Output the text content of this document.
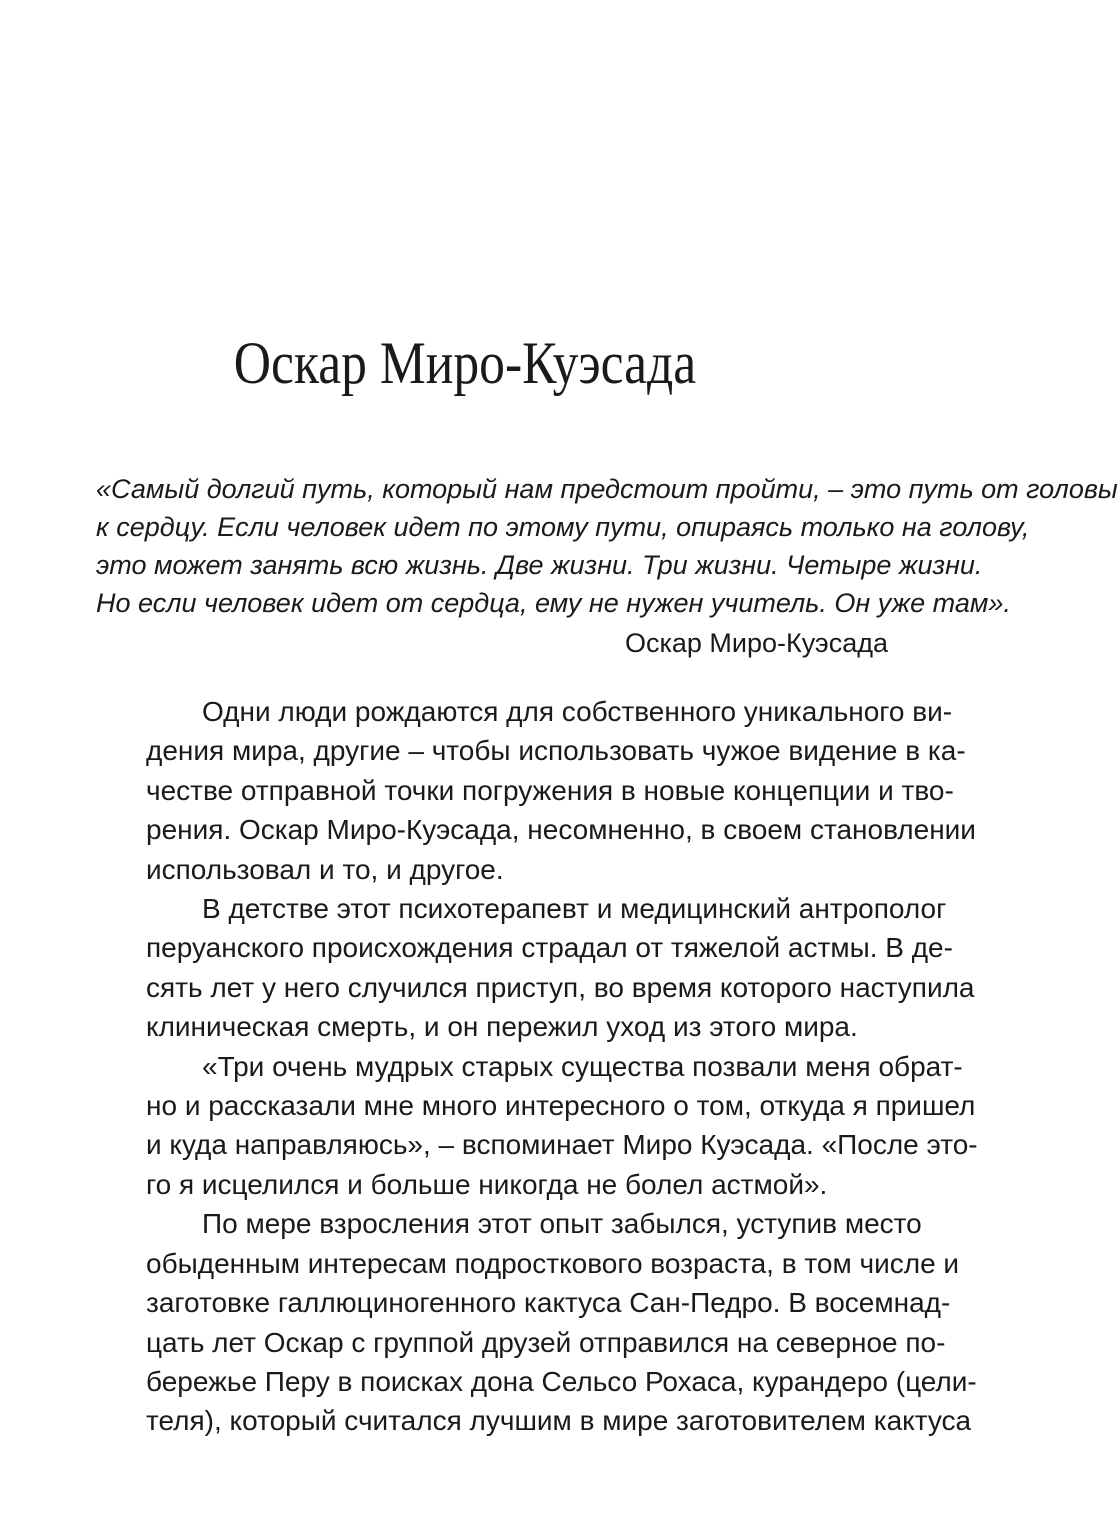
Оскар Миро-Куэсада
«Самый долгий путь, который нам предстоит пройти, – это путь от головы
к сердцу. Если человек идет по этому пути, опираясь только на голову,
это может занять всю жизнь. Две жизни. Три жизни. Четыре жизни.
Но если человек идет от сердца, ему не нужен учитель. Он уже там».
Оскар Миро-Куэсада
Одни люди рождаются для собственного уникального ви-
дения мира, другие – чтобы использовать чужое видение в ка-
честве отправной точки погружения в новые концепции и тво-
рения. Оскар Миро-Куэсада, несомненно, в своем становлении
использовал и то, и другое.
В детстве этот психотерапевт и медицинский антрополог
перуанского происхождения страдал от тяжелой астмы. В де-
сять лет у него случился приступ, во время которого наступила
клиническая смерть, и он пережил уход из этого мира.
«Три очень мудрых старых существа позвали меня обрат-
но и рассказали мне много интересного о том, откуда я пришел
и куда направляюсь», – вспоминает Миро Куэсада. «После это-
го я исцелился и больше никогда не болел астмой».
По мере взросления этот опыт забылся, уступив место
обыденным интересам подросткового возраста, в том числе и
заготовке галлюциногенного кактуса Сан-Педро. В восемнад-
цать лет Оскар с группой друзей отправился на северное по-
бережье Перу в поисках дона Сельсо Рохаса, курандеро (цели-
теля), который считался лучшим в мире заготовителем кактуса
